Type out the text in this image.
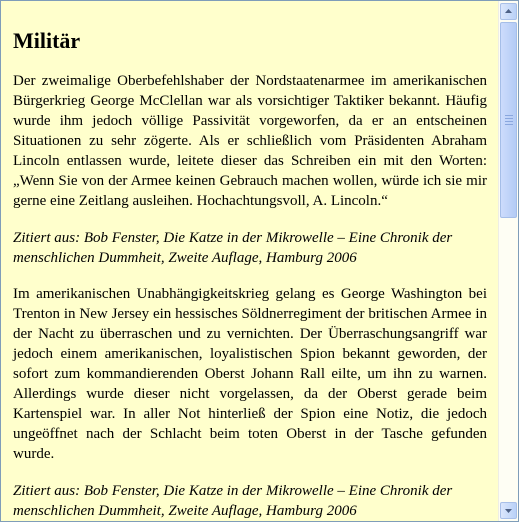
Militär

Der zweimalige Oberbefehlshaber der Nordstaatenarmee im amerikanischen Bürgerkrieg George McClellan war als vorsichtiger Taktiker bekannt. Häufig wurde ihm jedoch völlige Passivität vorgeworfen, da er an entscheinen Situationen zu sehr zögerte. Als er schließlich vom Präsidenten Abraham Lincoln entlassen wurde, leitete dieser das Schreiben ein mit den Worten: „Wenn Sie von der Armee keinen Gebrauch machen wollen, würde ich sie mir gerne eine Zeitlang ausleihen. Hochachtungsvoll, A. Lincoln.“

Zitiert aus: Bob Fenster, Die Katze in der Mikrowelle – Eine Chronik der menschlichen Dummheit, Zweite Auflage, Hamburg 2006

Im amerikanischen Unabhängigkeitskrieg gelang es George Washington bei Trenton in New Jersey ein hessisches Söldnerregiment der britischen Armee in der Nacht zu überraschen und zu vernichten. Der Überraschungsangriff war jedoch einem amerikanischen, loyalistischen Spion bekannt geworden, der sofort zum kommandierenden Oberst Johann Rall eilte, um ihn zu warnen. Allerdings wurde dieser nicht vorgelassen, da der Oberst gerade beim Kartenspiel war. In aller Not hinterließ der Spion eine Notiz, die jedoch ungeöffnet nach der Schlacht beim toten Oberst in der Tasche gefunden wurde.

Zitiert aus: Bob Fenster, Die Katze in der Mikrowelle – Eine Chronik der menschlichen Dummheit, Zweite Auflage, Hamburg 2006
